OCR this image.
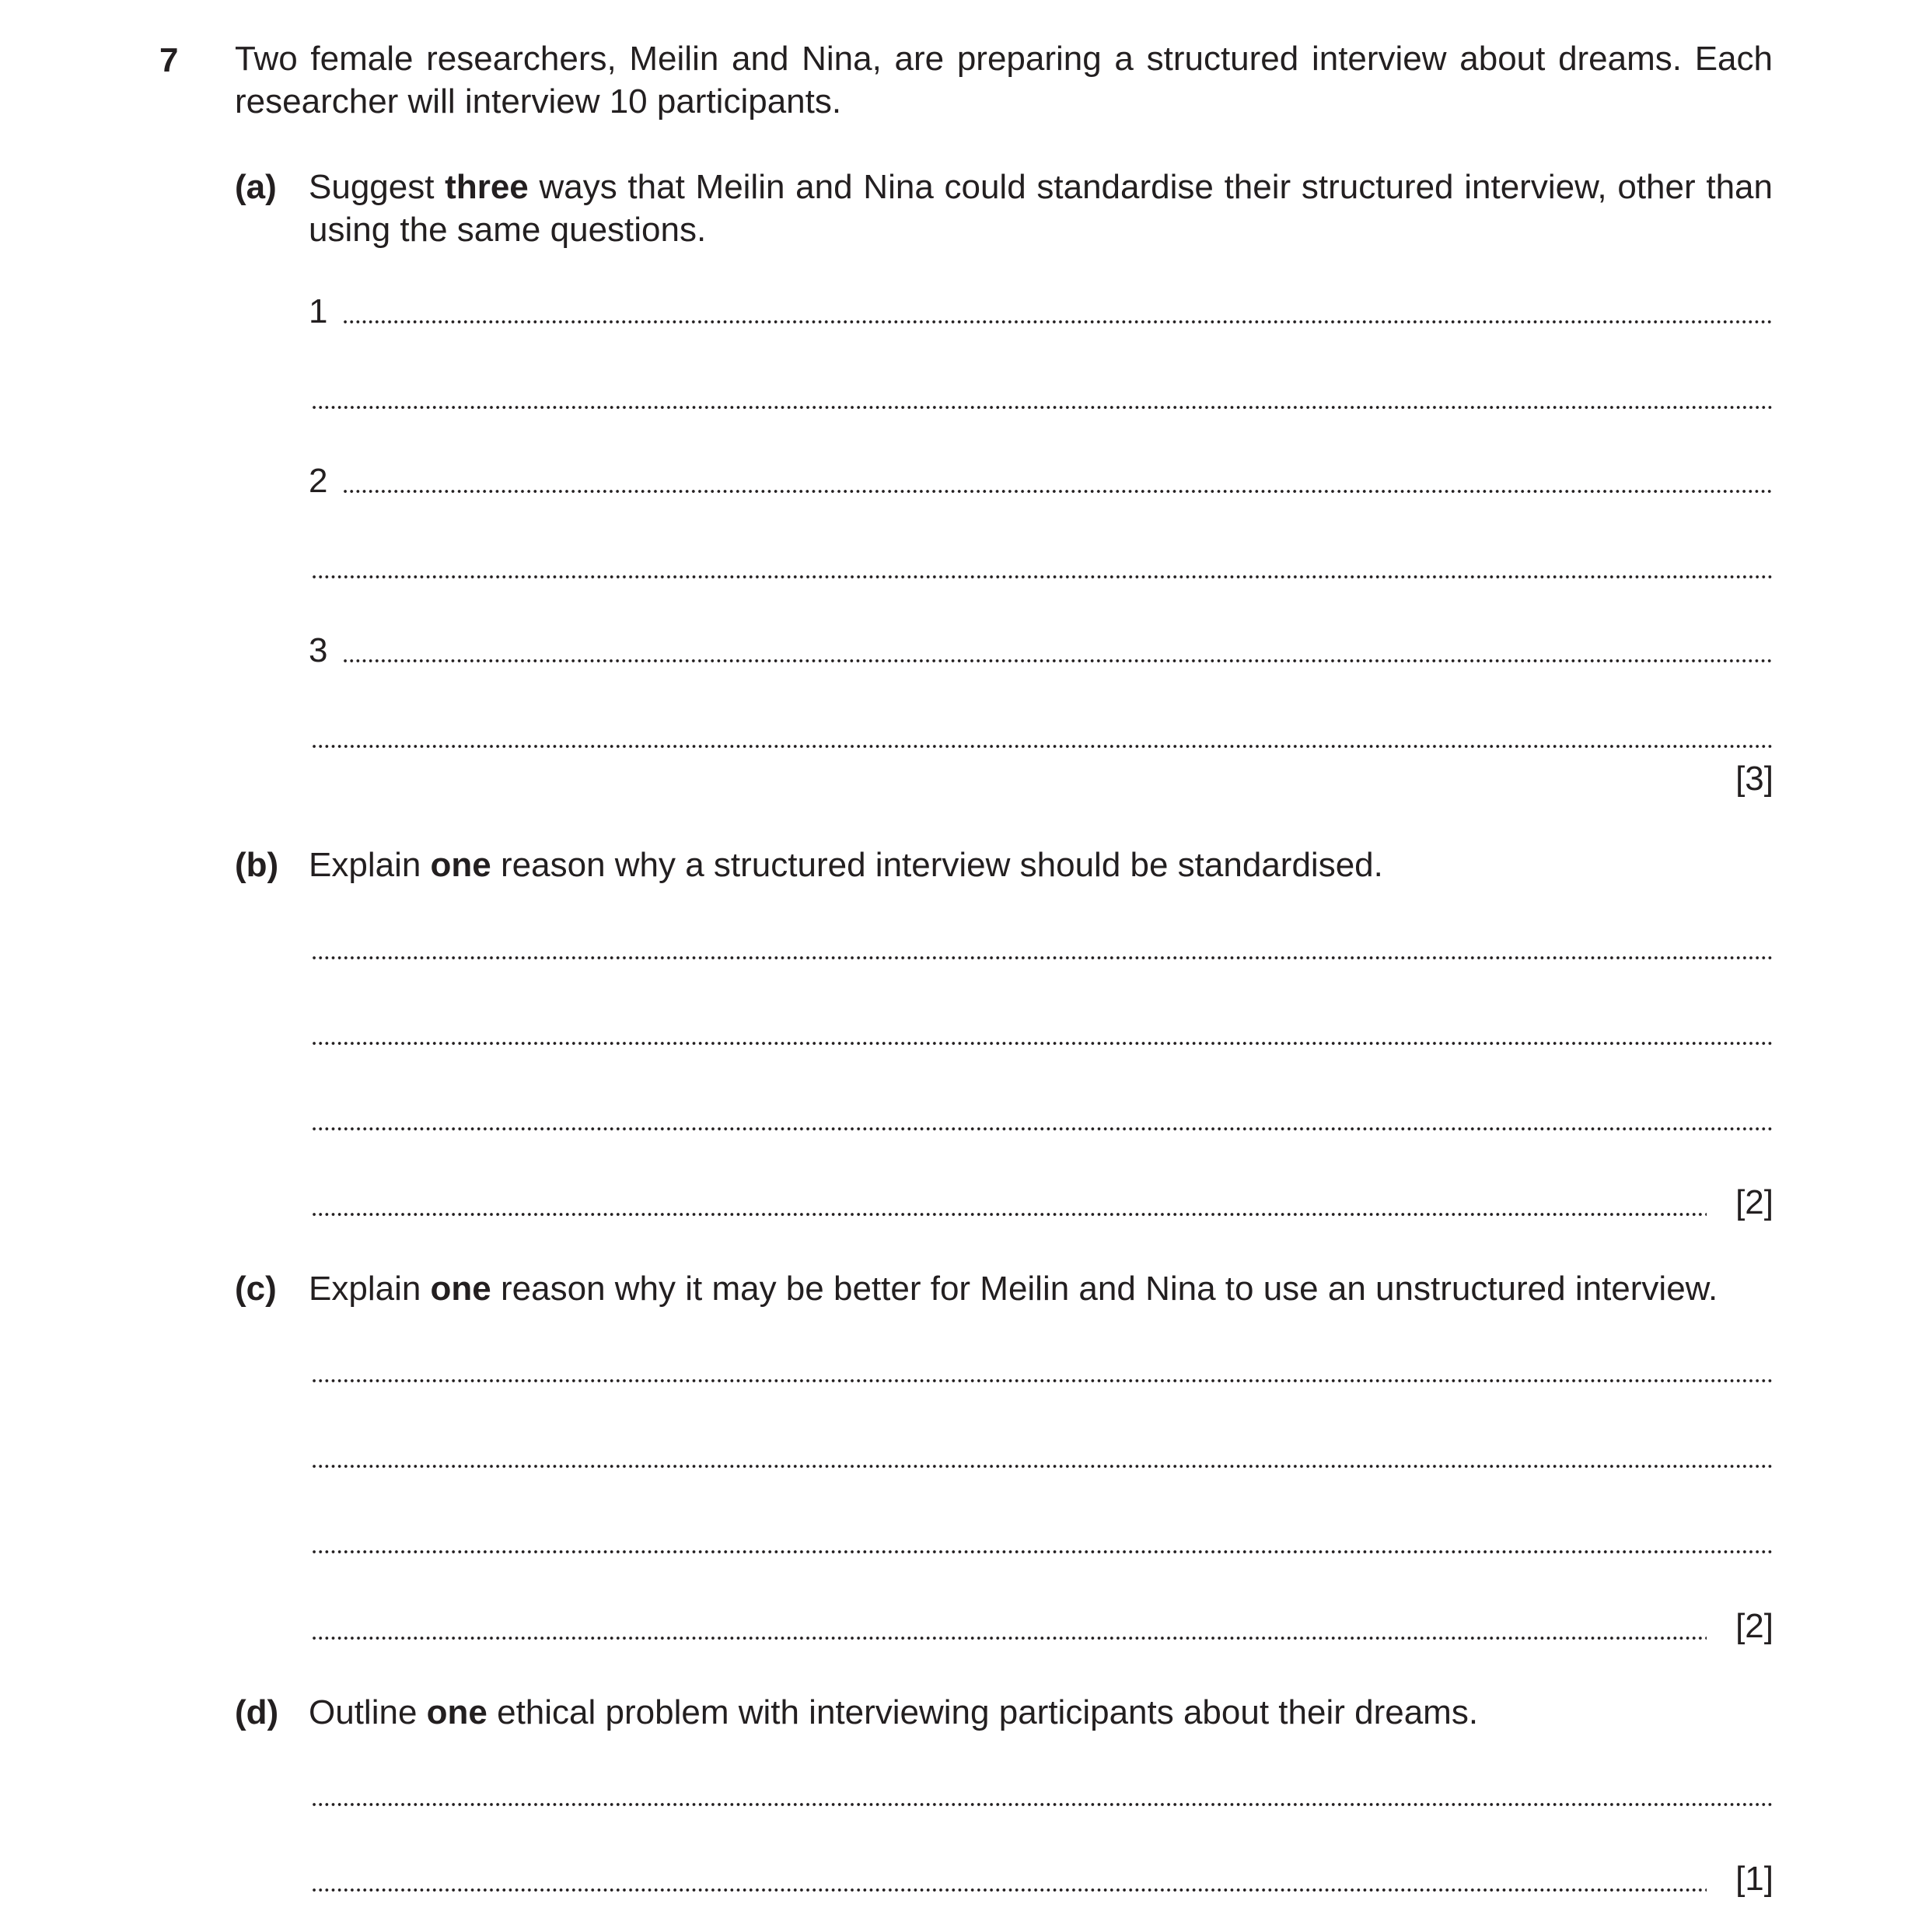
7 Two female researchers, Meilin and Nina, are preparing a structured interview about dreams. Each researcher will interview 10 participants.
(a) Suggest three ways that Meilin and Nina could standardise their structured interview, other than using the same questions.
1
2
3
[3]
(b) Explain one reason why a structured interview should be standardised.
[2]
(c) Explain one reason why it may be better for Meilin and Nina to use an unstructured interview.
[2]
(d) Outline one ethical problem with interviewing participants about their dreams.
[1]
